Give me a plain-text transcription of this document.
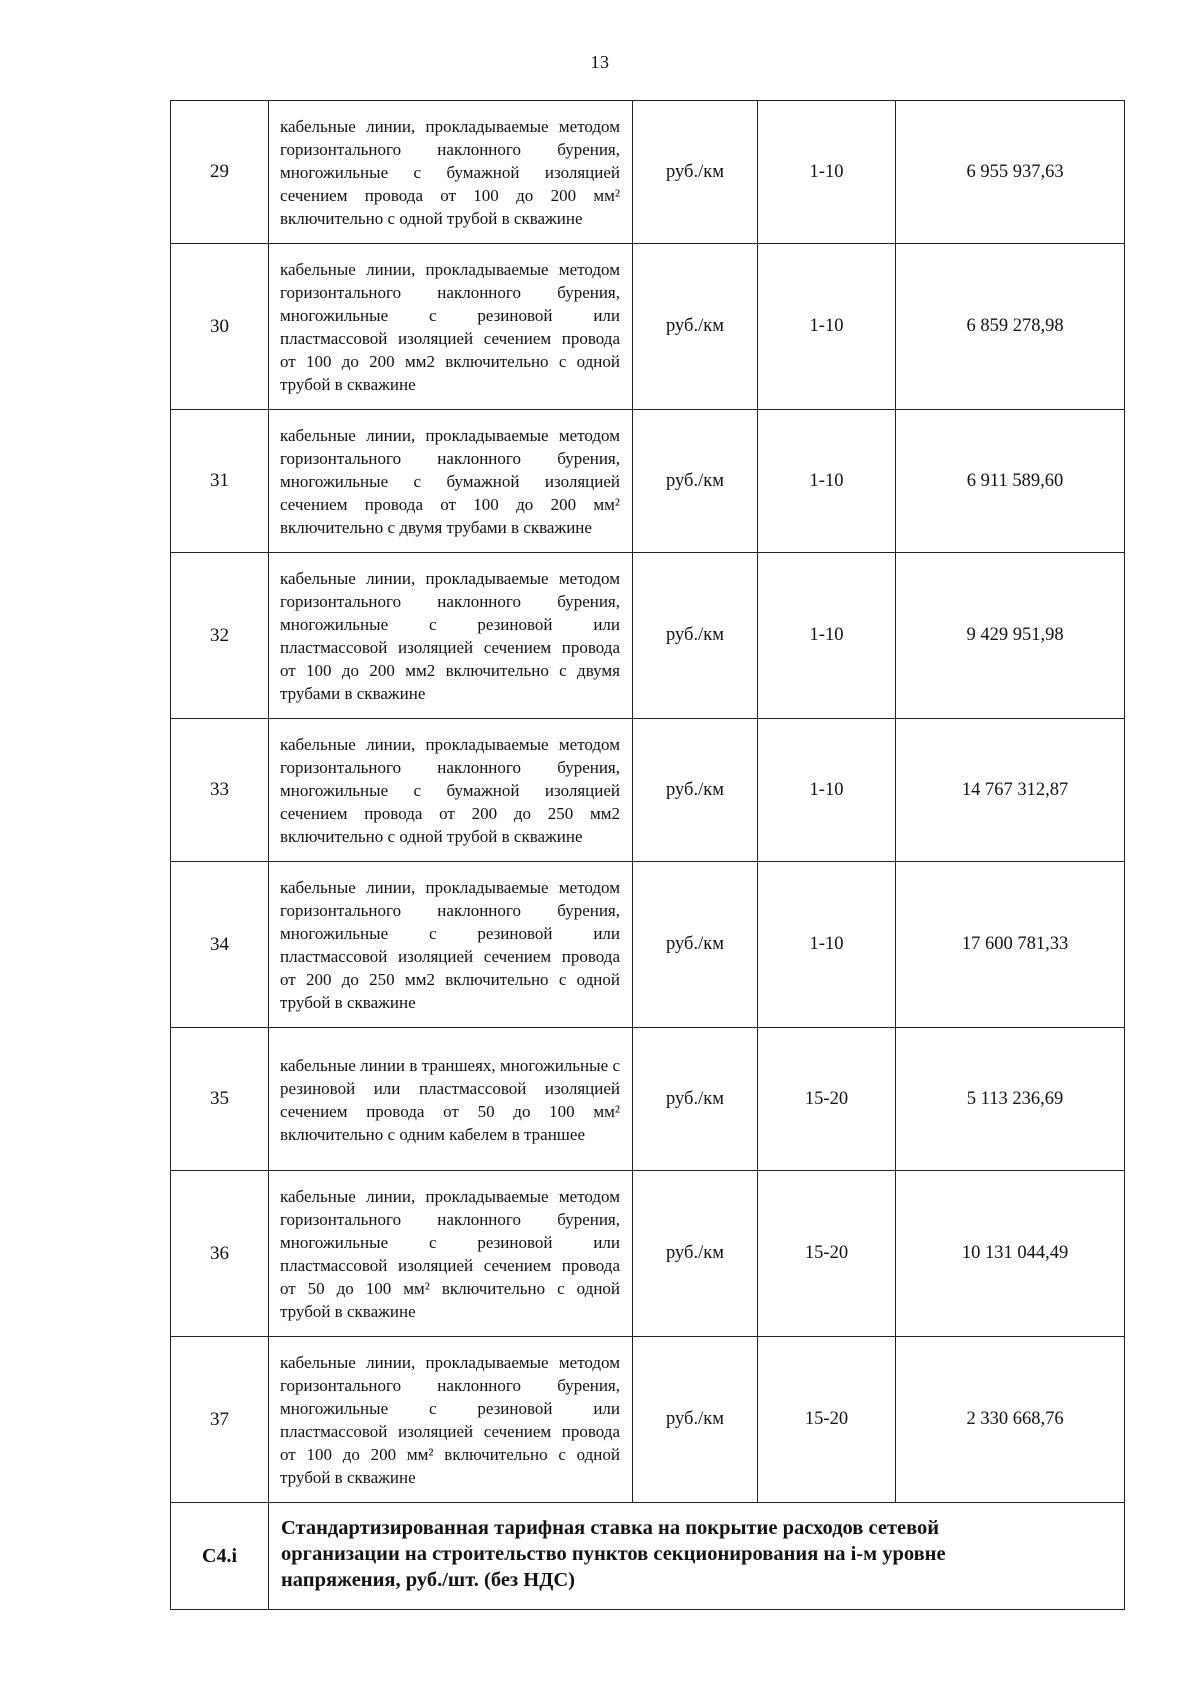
13
29	кабельные линии, прокладываемые методом горизонтального наклонного бурения, многожильные с бумажной изоляцией сечением провода от 100 до 200 мм² включительно с одной трубой в скважине	руб./км	1-10	6 955 937,63
30	кабельные линии, прокладываемые методом горизонтального наклонного бурения, многожильные с резиновой или пластмассовой изоляцией сечением провода от 100 до 200 мм2 включительно с одной трубой в скважине	руб./км	1-10	6 859 278,98
31	кабельные линии, прокладываемые методом горизонтального наклонного бурения, многожильные с бумажной изоляцией сечением провода от 100 до 200 мм² включительно с двумя трубами в скважине	руб./км	1-10	6 911 589,60
32	кабельные линии, прокладываемые методом горизонтального наклонного бурения, многожильные с резиновой или пластмассовой изоляцией сечением провода от 100 до 200 мм2 включительно с двумя трубами в скважине	руб./км	1-10	9 429 951,98
33	кабельные линии, прокладываемые методом горизонтального наклонного бурения, многожильные с бумажной изоляцией сечением провода от 200 до 250 мм2 включительно с одной трубой в скважине	руб./км	1-10	14 767 312,87
34	кабельные линии, прокладываемые методом горизонтального наклонного бурения, многожильные с резиновой или пластмассовой изоляцией сечением провода от 200 до 250 мм2 включительно с одной трубой в скважине	руб./км	1-10	17 600 781,33
35	кабельные линии в траншеях, многожильные с резиновой или пластмассовой изоляцией сечением провода от 50 до 100 мм² включительно с одним кабелем в траншее	руб./км	15-20	5 113 236,69
36	кабельные линии, прокладываемые методом горизонтального наклонного бурения, многожильные с резиновой или пластмассовой изоляцией сечением провода от 50 до 100 мм² включительно с одной трубой в скважине	руб./км	15-20	10 131 044,49
37	кабельные линии, прокладываемые методом горизонтального наклонного бурения, многожильные с резиновой или пластмассовой изоляцией сечением провода от 100 до 200 мм² включительно с одной трубой в скважине	руб./км	15-20	2 330 668,76
C4.i	Стандартизированная тарифная ставка на покрытие расходов сетевой
организации на строительство пунктов секционирования на i-м уровне
напряжения, руб./шт. (без НДС)			
